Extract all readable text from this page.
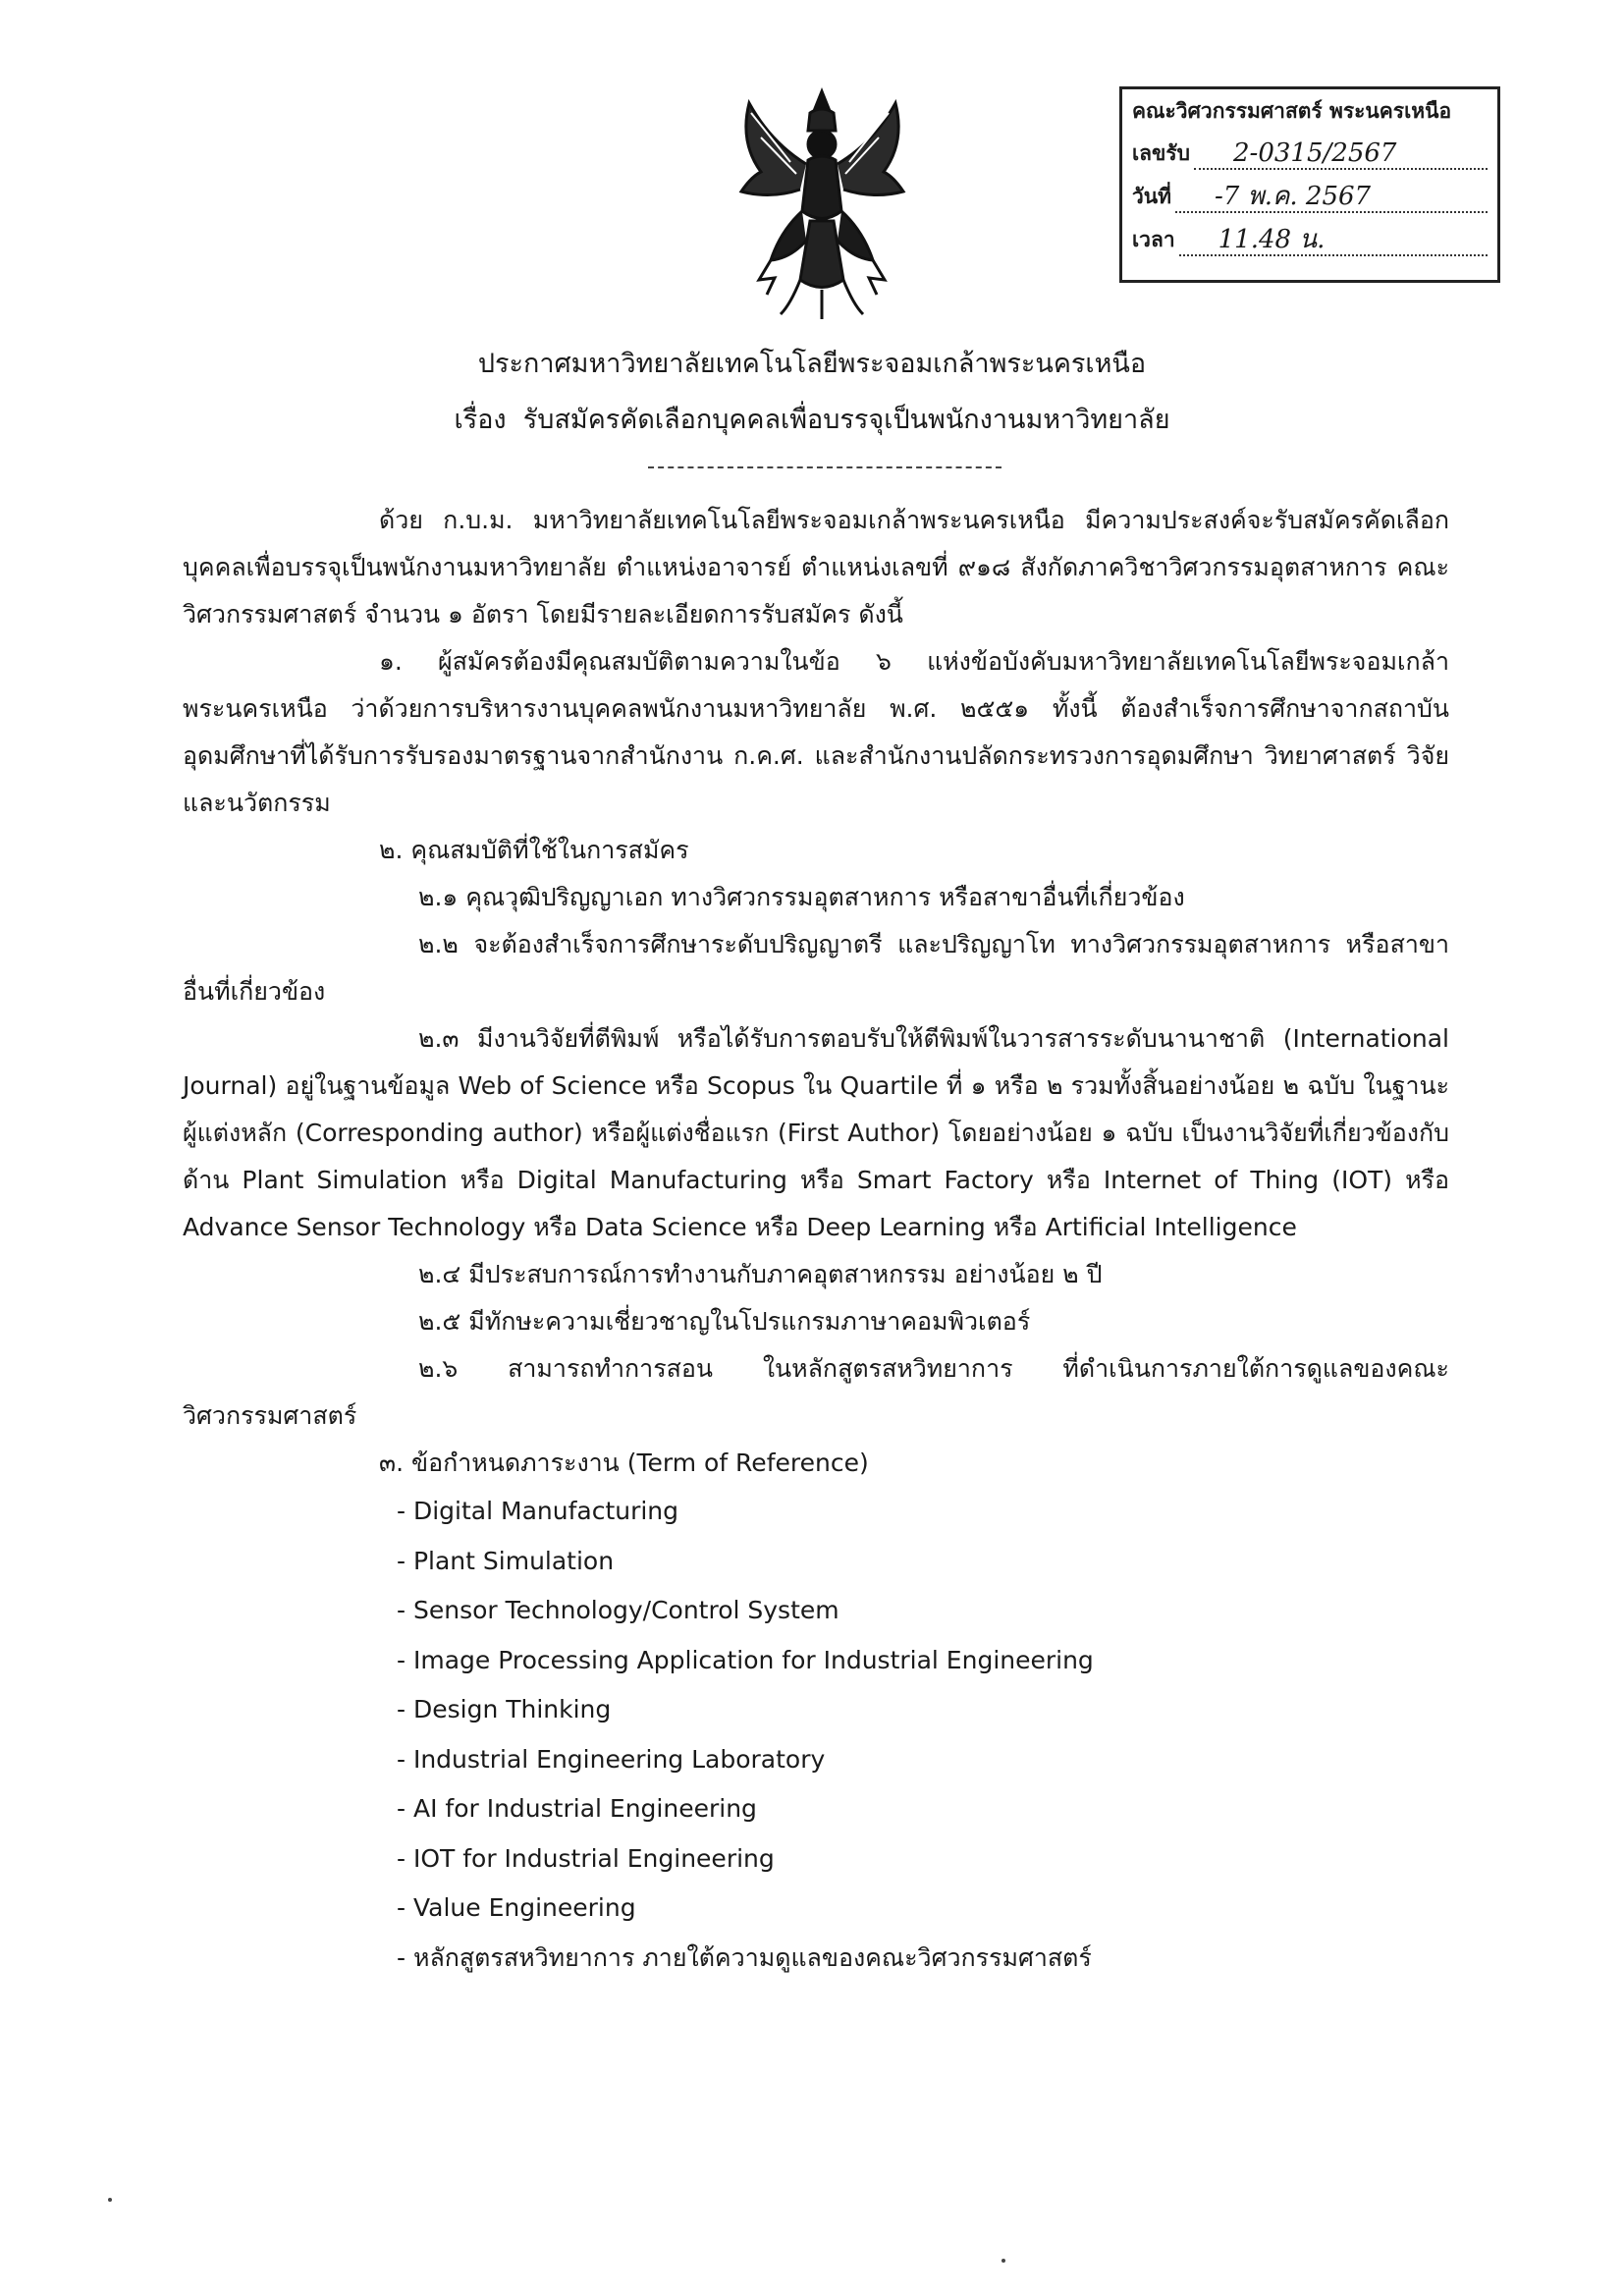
คณะวิศวกรรมศาสตร์ พระนครเหนือ
เลขรับ	2-0315/2567
วันที่	-7 พ.ค. 2567
เวลา	11.48 น.
ประกาศมหาวิทยาลัยเทคโนโลยีพระจอมเกล้าพระนครเหนือ
เรื่อง รับสมัครคัดเลือกบุคคลเพื่อบรรจุเป็นพนักงานมหาวิทยาลัย

ด้วย ก.บ.ม. มหาวิทยาลัยเทคโนโลยีพระจอมเกล้าพระนครเหนือ มีความประสงค์จะรับสมัครคัดเลือกบุคคลเพื่อบรรจุเป็นพนักงานมหาวิทยาลัย ตำแหน่งอาจารย์ ตำแหน่งเลขที่ ๙๑๘ สังกัดภาควิชาวิศวกรรมอุตสาหการ คณะวิศวกรรมศาสตร์ จำนวน ๑ อัตรา โดยมีรายละเอียดการรับสมัคร ดังนี้

๑. ผู้สมัครต้องมีคุณสมบัติตามความในข้อ ๖ แห่งข้อบังคับมหาวิทยาลัยเทคโนโลยีพระจอมเกล้าพระนครเหนือ ว่าด้วยการบริหารงานบุคคลพนักงานมหาวิทยาลัย พ.ศ. ๒๕๕๑ ทั้งนี้ ต้องสำเร็จการศึกษาจากสถาบันอุดมศึกษาที่ได้รับการรับรองมาตรฐานจากสำนักงาน ก.ค.ศ. และสำนักงานปลัดกระทรวงการอุดมศึกษา วิทยาศาสตร์ วิจัย และนวัตกรรม

๒. คุณสมบัติที่ใช้ในการสมัคร

๒.๑ คุณวุฒิปริญญาเอก ทางวิศวกรรมอุตสาหการ หรือสาขาอื่นที่เกี่ยวข้อง

๒.๒ จะต้องสำเร็จการศึกษาระดับปริญญาตรี และปริญญาโท ทางวิศวกรรมอุตสาหการ หรือสาขาอื่นที่เกี่ยวข้อง

๒.๓ มีงานวิจัยที่ตีพิมพ์ หรือได้รับการตอบรับให้ตีพิมพ์ในวารสารระดับนานาชาติ (International Journal) อยู่ในฐานข้อมูล Web of Science หรือ Scopus ใน Quartile ที่ ๑ หรือ ๒ รวมทั้งสิ้นอย่างน้อย ๒ ฉบับ ในฐานะผู้แต่งหลัก (Corresponding author) หรือผู้แต่งชื่อแรก (First Author) โดยอย่างน้อย ๑ ฉบับ เป็นงานวิจัยที่เกี่ยวข้องกับด้าน Plant Simulation หรือ Digital Manufacturing หรือ Smart Factory หรือ Internet of Thing (IOT) หรือ Advance Sensor Technology หรือ Data Science หรือ Deep Learning หรือ Artificial Intelligence

๒.๔ มีประสบการณ์การทำงานกับภาคอุตสาหกรรม อย่างน้อย ๒ ปี

๒.๕ มีทักษะความเชี่ยวชาญในโปรแกรมภาษาคอมพิวเตอร์

๒.๖ สามารถทำการสอน ในหลักสูตรสหวิทยาการ ที่ดำเนินการภายใต้การดูแลของคณะวิศวกรรมศาสตร์

๓. ข้อกำหนดภาระงาน (Term of Reference)

- Digital Manufacturing
- Plant Simulation
- Sensor Technology/Control System
- Image Processing Application for Industrial Engineering
- Design Thinking
- Industrial Engineering Laboratory
- AI for Industrial Engineering
- IOT for Industrial Engineering
- Value Engineering
- หลักสูตรสหวิทยาการ ภายใต้ความดูแลของคณะวิศวกรรมศาสตร์
